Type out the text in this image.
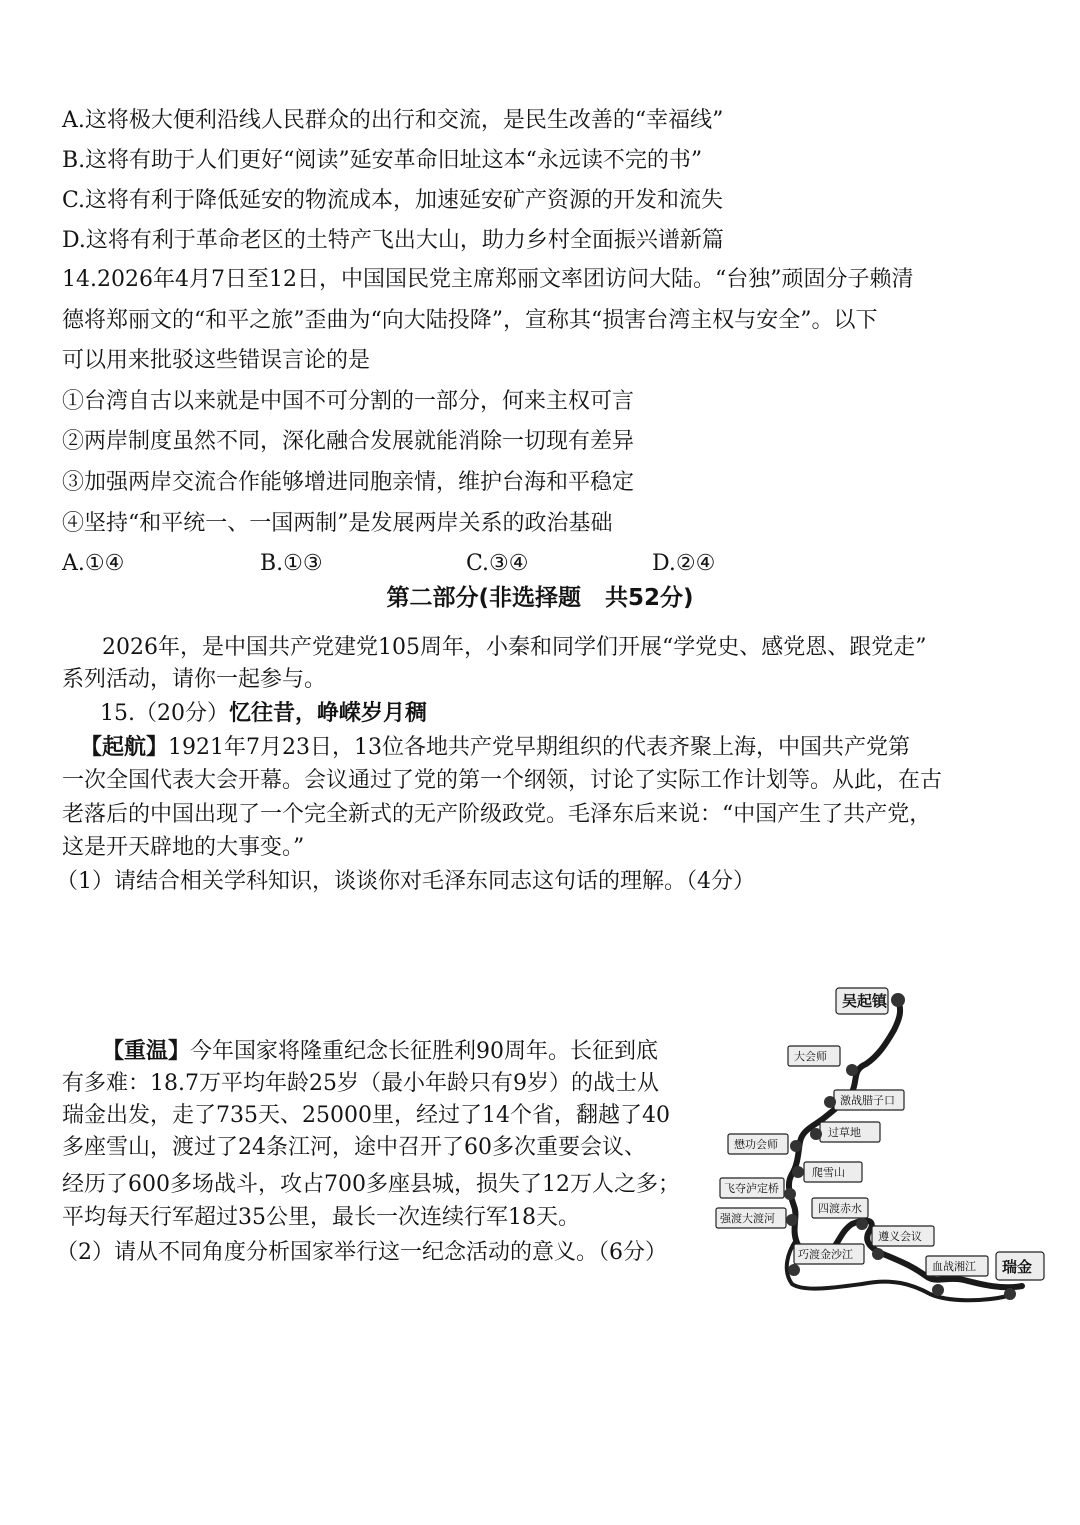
A.这将极大便利沿线人民群众的出行和交流，是民生改善的“幸福线”
B.这将有助于人们更好“阅读”延安革命旧址这本“永远读不完的书”
C.这将有利于降低延安的物流成本，加速延安矿产资源的开发和流失
D.这将有利于革命老区的土特产飞出大山，助力乡村全面振兴谱新篇
14.2026年4月7日至12日，中国国民党主席郑丽文率团访问大陆。“台独”顽固分子赖清
德将郑丽文的“和平之旅”歪曲为“向大陆投降”，宣称其“损害台湾主权与安全”。以下
可以用来批驳这些错误言论的是
①台湾自古以来就是中国不可分割的一部分，何来主权可言
②两岸制度虽然不同，深化融合发展就能消除一切现有差异
③加强两岸交流合作能够增进同胞亲情，维护台海和平稳定
④坚持“和平统一、一国两制”是发展两岸关系的政治基础
A.①④	B.①③	C.③④	D.②④
第二部分(非选择题 共52分)
2026年，是中国共产党建党105周年，小秦和同学们开展“学党史、感党恩、跟党走”
系列活动，请你一起参与。
15.（20分）忆往昔，峥嵘岁月稠
【起航】1921年7月23日，13位各地共产党早期组织的代表齐聚上海，中国共产党第
一次全国代表大会开幕。会议通过了党的第一个纲领，讨论了实际工作计划等。从此，在古
老落后的中国出现了一个完全新式的无产阶级政党。毛泽东后来说：“中国产生了共产党，
这是开天辟地的大事变。”
（1）请结合相关学科知识，谈谈你对毛泽东同志这句话的理解。（4分）
【重温】今年国家将隆重纪念长征胜利90周年。长征到底
有多难：18.7万平均年龄25岁（最小年龄只有9岁）的战士从
瑞金出发，走了735天、25000里，经过了14个省，翻越了40
多座雪山，渡过了24条江河，途中召开了60多次重要会议、
经历了600多场战斗，攻占700多座县城，损失了12万人之多；
平均每天行军超过35公里，最长一次连续行军18天。
（2）请从不同角度分析国家举行这一纪念活动的意义。（6分）
吴起镇
大会师
激战腊子口
过草地
懋功会师
爬雪山
飞夺泸定桥
四渡赤水
强渡大渡河
遵义会议
巧渡金沙江
血战湘江 瑞金
